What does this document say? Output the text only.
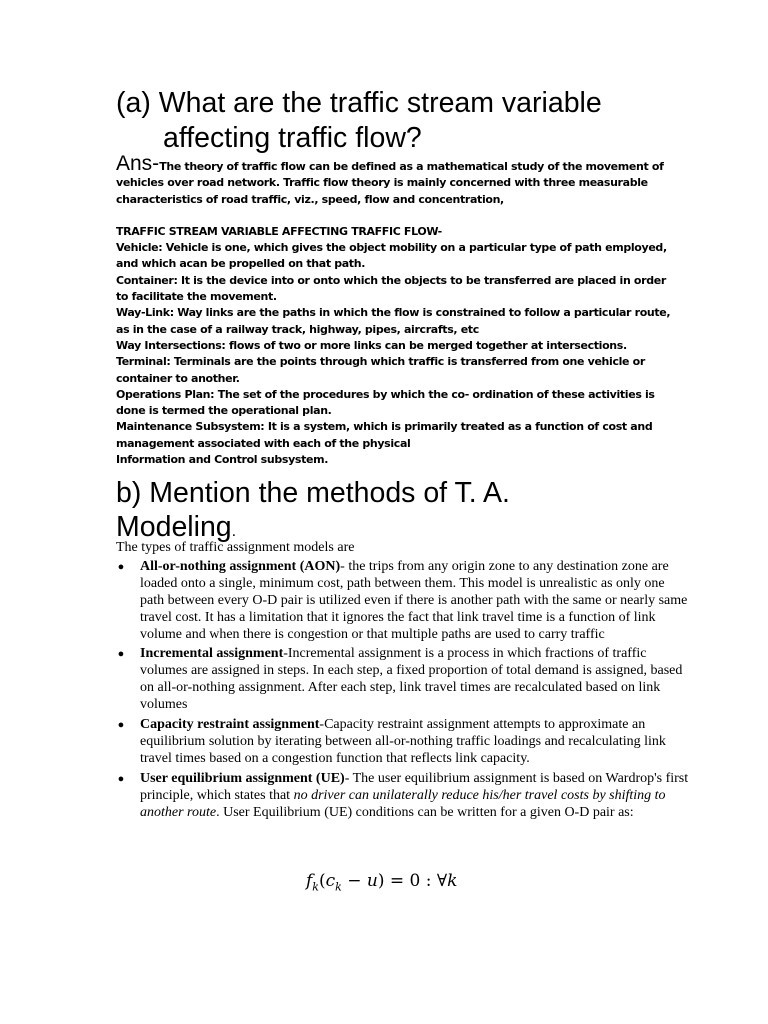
(a) What are the traffic stream variable
affecting traffic flow?

Ans-The theory of traffic flow can be defined as a mathematical study of the movement of vehicles over road network. Traffic flow theory is mainly concerned with three measurable characteristics of road traffic, viz., speed, flow and concentration,

TRAFFIC STREAM VARIABLE AFFECTING TRAFFIC FLOW-

Vehicle: Vehicle is one, which gives the object mobility on a particular type of path employed, and which acan be propelled on that path.

Container: It is the device into or onto which the objects to be transferred are placed in order to facilitate the movement.

Way-Link: Way links are the paths in which the flow is constrained to follow a particular route, as in the case of a railway track, highway, pipes, aircrafts, etc

Way Intersections: flows of two or more links can be merged together at intersections.

Terminal: Terminals are the points through which traffic is transferred from one vehicle or container to another.

Operations Plan: The set of the procedures by which the co- ordination of these activities is done is termed the operational plan.

Maintenance Subsystem: It is a system, which is primarily treated as a function of cost and management associated with each of the physical

Information and Control subsystem.

b) Mention the methods of T. A. Modeling.

The types of traffic assignment models are

● All-or-nothing assignment (AON)- the trips from any origin zone to any destination zone are loaded onto a single, minimum cost, path between them. This model is unrealistic as only one path between every O-D pair is utilized even if there is another path with the same or nearly same travel cost. It has a limitation that it ignores the fact that link travel time is a function of link volume and when there is congestion or that multiple paths are used to carry traffic
● Incremental assignment-Incremental assignment is a process in which fractions of traffic volumes are assigned in steps. In each step, a fixed proportion of total demand is assigned, based on all-or-nothing assignment. After each step, link travel times are recalculated based on link volumes
● Capacity restraint assignment-Capacity restraint assignment attempts to approximate an equilibrium solution by iterating between all-or-nothing traffic loadings and recalculating link travel times based on a congestion function that reflects link capacity.
● User equilibrium assignment (UE)- The user equilibrium assignment is based on Wardrop's first principle, which states that no driver can unilaterally reduce his/her travel costs by shifting to another route. User Equilibrium (UE) conditions can be written for a given O-D pair as:
$f_k(c_k - u) = 0$ : ∀k
